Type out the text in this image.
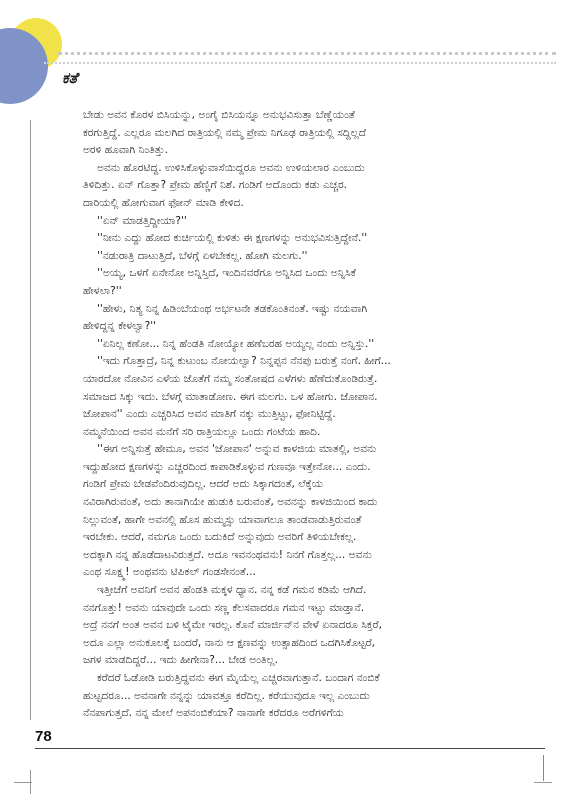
ಕತೆ
ಬೇಡು ಅವನ ಕೊರಳ ಬಿಸಿಯನ್ನು, ಅಂಗೈ ಬಿಸಿಯನ್ನೂ ಅನುಭವಿಸುತ್ತಾ ಬೆಣ್ಣೆಯಂತೆ
ಕರಗುತ್ತಿದ್ದೆ. ಎಲ್ಲರೂ ಮಲಗಿದ ರಾತ್ರಿಯಲ್ಲಿ ನಮ್ಮ ಪ್ರೇಮ ನಿಗೂಢ ರಾತ್ರಿಯಲ್ಲಿ ಸದ್ದಿಲ್ಲದೆ
ಅರಳಿ ಹೂವಾಗಿ ನಿಂತಿತ್ತು.
ಅವನು ಹೊರಟಿದ್ದ. ಉಳಿಸಿಕೊಳ್ಳುವಾಸೆಯಿದ್ದರೂ ಅವನು ಉಳಿಯಲಾರ ಎಂಬುದು
ತಿಳಿದಿತ್ತು. ಏನ್ ಗೊತ್ತಾ? ಪ್ರೇಮ ಹೆಣ್ಣಿಗೆ ನಿಶೆ. ಗಂಡಿಗೆ ಅದೊಂದು ಕಡು ಎಚ್ಚರ.
ದಾರಿಯಲ್ಲಿ ಹೋಗುವಾಗ ಫೋನ್ ಮಾಡಿ ಕೇಳಿದ.
''ಏನ್ ಮಾಡತ್ತಿದ್ದೀಯಾ?''
''ನೀನು ಎದ್ದು ಹೋದ ಕುರ್ಚಿಯಲ್ಲಿ ಕುಳಿತು ಈ ಕ್ಷಣಗಳನ್ನು ಅನುಭವಿಸುತ್ತಿದ್ದೇನೆ.''
''ನಡುರಾತ್ರಿ ದಾಟುತ್ತಿದೆ, ಬೆಳಗ್ಗೆ ಏಳಬೇಕಲ್ಲ. ಹೋಗಿ ಮಲಗು.''
''ಅಯ್ಯ, ಒಳಗೆ ಏನೇನೋ ಅನ್ನಿಸ್ತಿದೆ, ಇಂದಿನವರೆಗೂ ಅನ್ನಿಸಿದ ಒಂದು ಅನ್ನಿಸಿಕೆ
ಹೇಳಲಾ?''
''ಹೇಳು, ನಿತ್ಯ ನಿನ್ನ ಹಿಡಿಂಬೆಯಂಥ ಅರ್ಭಟನೇ ತಡಕೊಂತಿನಂತೆ. ಇಷ್ಟು ನಯವಾಗಿ
ಹೇಳಿದ್ದನ್ನ ಕೇಳಲ್ವಾ?''
''ಏನಿಲ್ಲ ಕಣೋ... ನಿನ್ನ ಹೆಂಡತಿ ನೋಯ್ಯೋ ಹಣೆಬರಹ ಅಯ್ಯಲ್ಲ ನಂದು ಅನ್ನಿಸ್ತು.''
''ಇದು ಗೊತ್ತಾದ್ರೆ, ನಿನ್ನ ಕುಟುಂಬ ನೋಯಲ್ವಾ? ನಿನ್ನಪ್ಪನ ನೆನಪು ಬರುತ್ತೆ ನಂಗೆ. ಹೀಗೆ...
ಯಾರದೋ ನೋವಿನ ಎಳೆಯ ಜೊತೆಗೆ ನಮ್ಮ ಸಂತೋಷದ ಎಳೆಗಳು ಹೆಣೆದುಕೊಂಡಿರುತ್ತೆ.
ಸಮಾಜದ ಸಿಕ್ಕು ಇದು. ಬೆಳಗ್ಗೆ ಮಾತಾಡೋಣ. ಈಗ ಮಲಗು. ಒಳ ಹೋಗು. ಜೋಪಾನ.
ಜೋಪಾನ'' ಎಂದು ಎಚ್ಚರಿಸಿದ ಅವನ ಮಾತಿಗೆ ನಕ್ಕು ಮುತ್ತಿಟ್ಟು, ಫೋನಿಟ್ಟಿದ್ದೆ.
ನಮ್ಮನೆಯಿಂದ ಅವನ ಮನೆಗೆ ಸರಿ ರಾತ್ರಿಯಲ್ಲೂ ಒಂದು ಗಂಟೆಯ ಹಾದಿ.
''ಈಗ ಅನ್ನಿಸುತ್ತೆ ಹೇಮೂ, ಅವನ 'ಜೋಪಾನ' ಅನ್ನುವ ಕಾಳಜಿಯ ಮಾತಲ್ಲಿ, ಅವನು
ಇದ್ದುಹೋದ ಕ್ಷಣಗಳನ್ನು ಎಚ್ಚರದಿಂದ ಕಾಪಾಡಿಕೊಳ್ಳುವ ಗುಣವೂ ಇತ್ತೇನೋ... ಎಂದು.
ಗಂಡಿಗೆ ಪ್ರೇಮ ಬೇಡವೆಂದಿರುವುದಿಲ್ಲ. ಆದರೆ ಅದು ಸಿಕ್ಕಾಗದಂತೆ, ಲೆಕ್ಕೆಯ
ನವಿರಾಗಿರುವಂತೆ, ಅದು ತಾನಾಗಿಯೇ ಹುಡುಕಿ ಬರುವಂತೆ, ಅವನನ್ನು ಕಾಳಜಿಯಿಂದ ಕಾದು
ನಿಲ್ಲುವಂತೆ, ಹಾಗೇ ಅವನಲ್ಲಿ ಹೊಸ ಹುಮ್ಮಸ್ಸು ಯಾವಾಗಲೂ ತಾಂಡವಾಡುತ್ತಿರುವಂತೆ
ಇರಬೇಕು. ಆದರೆ, ನಮಗೂ ಒಂದು ಬದುಕಿದೆ ಅನ್ನುವುದು ಅವರಿಗೆ ತಿಳಿಯಬೇಕಲ್ಲ.
ಅದಕ್ಕಾಗಿ ನನ್ನ ಹೊಡೆದಾಟವಿರುತ್ತದೆ. ಅದೂ ಇವನಂಥವನು! ನಿನಗೆ ಗೊತ್ತಲ್ಲ... ಅವನು
ಎಂಥ ಸೂಕ್ಷ್ಮ! ಅಂಥವನು ಟಿಪಿಕಲ್ ಗಂಡಸೇನಂತೆ...
ಇತ್ತೀಚೆಗೆ ಅವನಿಗೆ ಅವನ ಹೆಂಡತಿ ಮಕ್ಕಳ ಧ್ಯಾನ. ನನ್ನ ಕಡೆ ಗಮನ ಕಡಿಮೆ ಆಗಿದೆ.
ನನಗೊತ್ತು! ಅವನು ಯಾವುದೇ ಒಂದು ಸಣ್ಣ ಕೆಲಸವಾದರೂ ಗಮನ ಇಟ್ಟು ಮಾಡ್ತಾನೆ.
ಅದ್ರೆ ನನಗೆ ಅಂತ ಅವನ ಬಳಿ ಟೈಮೇ ಇರಲ್ಲ. ಕೊನೆ ಮಾರ್ಜಿನ್‌ನ ವೇಳೆ ಏನಾದರೂ ಸಿಕ್ತರೆ,
ಅದೂ ಎಲ್ಲಾ ಅನುಕೂಲಕ್ಕೆ ಬಂದರೆ, ನಾನು ಆ ಕ್ಷಣವನ್ನು ಉತ್ಸಾಹದಿಂದ ಒದಗಿಸಿಕೊಟ್ಟರೆ,
ಜಗಳ ಮಾಡದಿದ್ದರೆ... ಇದು ಹೀಗೇನಾ?... ಬೇಡ ಅಂತಿಲ್ಲ.
ಕರೆದರೆ ಓಡೋಡಿ ಬರುತ್ತಿದ್ದವನು ಈಗ ಮೈಯೆಲ್ಲ ಎಚ್ಚರವಾಗುತ್ತಾನೆ. ಬಂದಾಗ ನಂಬಿಕೆ
ಹುಟ್ಟದರೂ... ಅವನಾಗೇ ನನ್ನನ್ನು ಯಾವತ್ತೂ ಕರೆದಿಲ್ಲ. ಕರೆಯುವುದೂ ಇಲ್ಲ ಎಂಬುದು
ನೆನಪಾಗುತ್ತದೆ. ನನ್ನ ಮೇಲೆ ಅಪನಂಬಿಕೆಯಾ? ನಾನಾಗೇ ಕರೆದರೂ ಅರೆಗಳಿಗೆಯ
78
